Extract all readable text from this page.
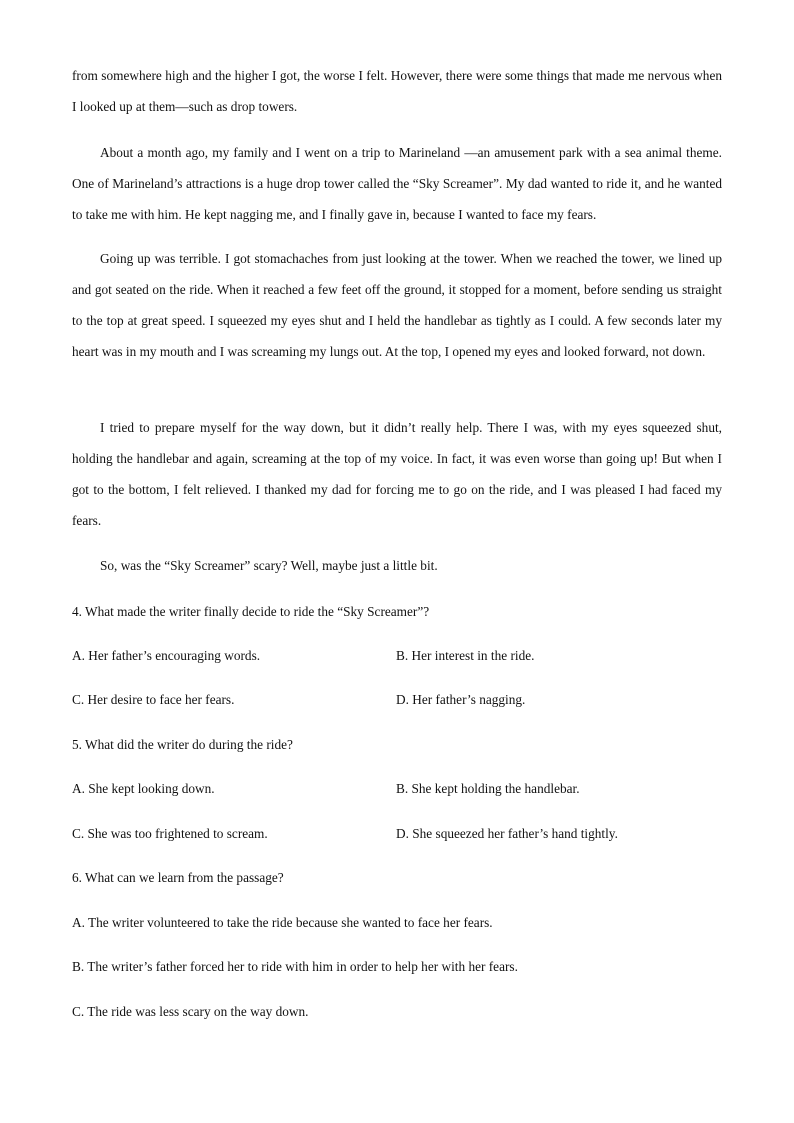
from somewhere high and the higher I got, the worse I felt. However, there were some things that made me nervous when I looked up at them—such as drop towers.

About a month ago, my family and I went on a trip to Marineland —an amusement park with a sea animal theme. One of Marineland’s attractions is a huge drop tower called the “Sky Screamer”. My dad wanted to ride it, and he wanted to take me with him. He kept nagging me, and I finally gave in, because I wanted to face my fears.

Going up was terrible. I got stomachaches from just looking at the tower. When we reached the tower, we lined up and got seated on the ride. When it reached a few feet off the ground, it stopped for a moment, before sending us straight to the top at great speed. I squeezed my eyes shut and I held the handlebar as tightly as I could. A few seconds later my heart was in my mouth and I was screaming my lungs out. At the top, I opened my eyes and looked forward, not down.

I tried to prepare myself for the way down, but it didn’t really help. There I was, with my eyes squeezed shut, holding the handlebar and again, screaming at the top of my voice. In fact, it was even worse than going up! But when I got to the bottom, I felt relieved. I thanked my dad for forcing me to go on the ride, and I was pleased I had faced my fears.

So, was the “Sky Screamer” scary? Well, maybe just a little bit.

4. What made the writer finally decide to ride the “Sky Screamer”?
A. Her father’s encouraging words.	B. Her interest in the ride.
C. Her desire to face her fears.	D. Her father’s nagging.
5. What did the writer do during the ride?
A. She kept looking down.	B. She kept holding the handlebar.
C. She was too frightened to scream.	D. She squeezed her father’s hand tightly.
6. What can we learn from the passage?
A. The writer volunteered to take the ride because she wanted to face her fears.
B. The writer’s father forced her to ride with him in order to help her with her fears.
C. The ride was less scary on the way down.
